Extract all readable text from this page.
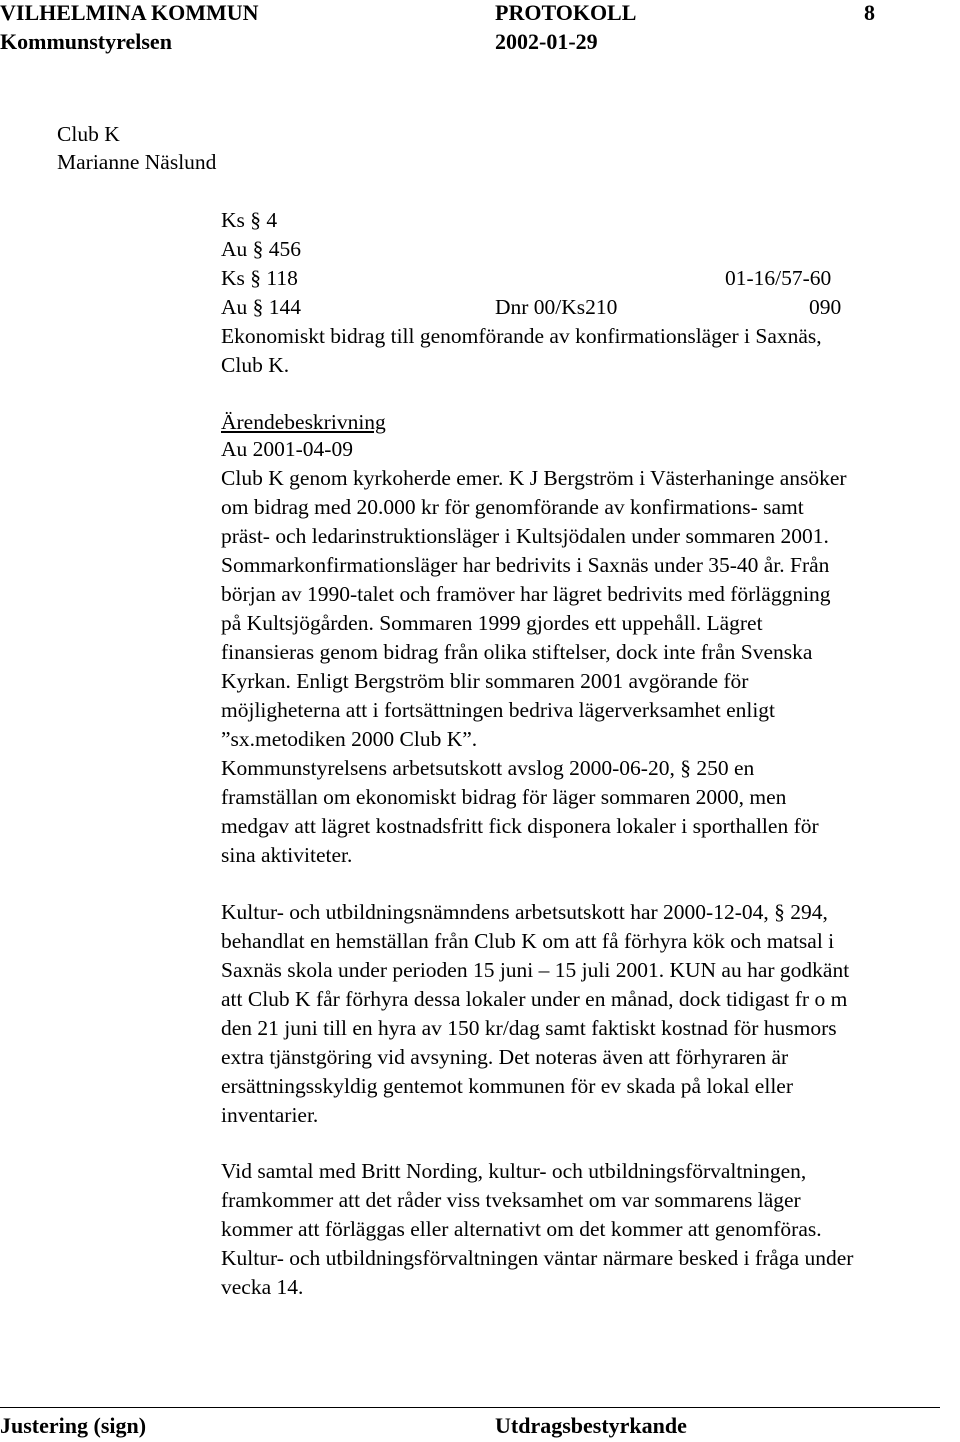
VILHELMINA KOMMUN	PROTOKOLL	8
Kommunstyrelsen	2002-01-29
Club K
Marianne Näslund
Ks § 4
Au § 456
Ks § 118	01-16/57-60
Au § 144	Dnr 00/Ks210	090
Ekonomiskt bidrag till genomförande av konfirmationsläger i Saxnäs,
Club K.
Ärendebeskrivning
Au 2001-04-09
Club K genom kyrkoherde emer. K J Bergström i Västerhaninge ansöker
om bidrag med 20.000 kr för genomförande av konfirmations- samt
präst- och ledarinstruktionsläger i Kultsjödalen under sommaren 2001.
Sommarkonfirmationsläger har bedrivits i Saxnäs under 35-40 år. Från
början av 1990-talet och framöver har lägret bedrivits med förläggning
på Kultsjögården. Sommaren 1999 gjordes ett uppehåll. Lägret
finansieras genom bidrag från olika stiftelser, dock inte från Svenska
Kyrkan. Enligt Bergström blir sommaren 2001 avgörande för
möjligheterna att i fortsättningen bedriva lägerverksamhet enligt
”sx.metodiken 2000 Club K”.
Kommunstyrelsens arbetsutskott avslog 2000-06-20, § 250 en
framställan om ekonomiskt bidrag för läger sommaren 2000, men
medgav att lägret kostnadsfritt fick disponera lokaler i sporthallen för
sina aktiviteter.
Kultur- och utbildningsnämndens arbetsutskott har 2000-12-04, § 294,
behandlat en hemställan från Club K om att få förhyra kök och matsal i
Saxnäs skola under perioden 15 juni – 15 juli 2001. KUN au har godkänt
att Club K får förhyra dessa lokaler under en månad, dock tidigast fr o m
den 21 juni till en hyra av 150 kr/dag samt faktiskt kostnad för husmors
extra tjänstgöring vid avsyning. Det noteras även att förhyraren är
ersättningsskyldig gentemot kommunen för ev skada på lokal eller
inventarier.
Vid samtal med Britt Nording, kultur- och utbildningsförvaltningen,
framkommer att det råder viss tveksamhet om var sommarens läger
kommer att förläggas eller alternativt om det kommer att genomföras.
Kultur- och utbildningsförvaltningen väntar närmare besked i fråga under
vecka 14.
Justering (sign)	Utdragsbestyrkande
